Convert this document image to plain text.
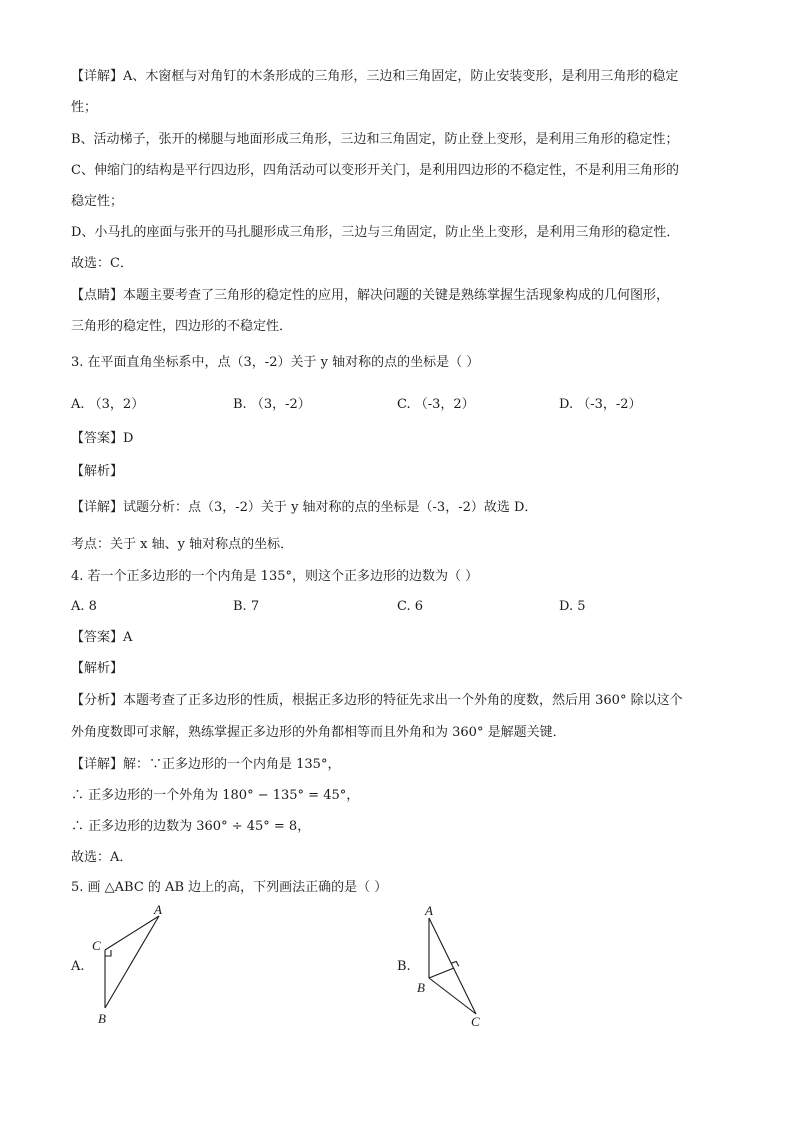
【详解】A、木窗框与对角钉的木条形成的三角形，三边和三角固定，防止安装变形，是利用三角形的稳定
性；
B、活动梯子，张开的梯腿与地面形成三角形，三边和三角固定，防止登上变形，是利用三角形的稳定性；
C、伸缩门的结构是平行四边形，四角活动可以变形开关门，是利用四边形的不稳定性，不是利用三角形的
稳定性；
D、小马扎的座面与张开的马扎腿形成三角形，三边与三角固定，防止坐上变形，是利用三角形的稳定性．
故选：C．
【点睛】本题主要考查了三角形的稳定性的应用，解决问题的关键是熟练掌握生活现象构成的几何图形，
三角形的稳定性，四边形的不稳定性．
3. 在平面直角坐标系中，点（3，-2）关于 y 轴对称的点的坐标是（ ）
A. （3，2）	B. （3，-2）	C. （-3，2）	D. （-3，-2）
【答案】D
【解析】
【详解】试题分析：点（3，-2）关于 y 轴对称的点的坐标是（-3，-2）故选 D．
考点：关于 x 轴、y 轴对称点的坐标．
4. 若一个正多边形的一个内角是 135°，则这个正多边形的边数为（ ）
A. 8	B. 7	C. 6	D. 5
【答案】A
【解析】
【分析】本题考查了正多边形的性质，根据正多边形的特征先求出一个外角的度数，然后用 360° 除以这个
外角度数即可求解，熟练掌握正多边形的外角都相等而且外角和为 360° 是解题关键．
【详解】解：∵正多边形的一个内角是 135°，
∴ 正多边形的一个外角为 180° − 135° = 45°，
∴ 正多边形的边数为 360° ÷ 45° = 8，
故选：A．
5. 画 △ABC 的 AB 边上的高，下列画法正确的是（ ）
A.
A
B
C
B.
A
B
C
